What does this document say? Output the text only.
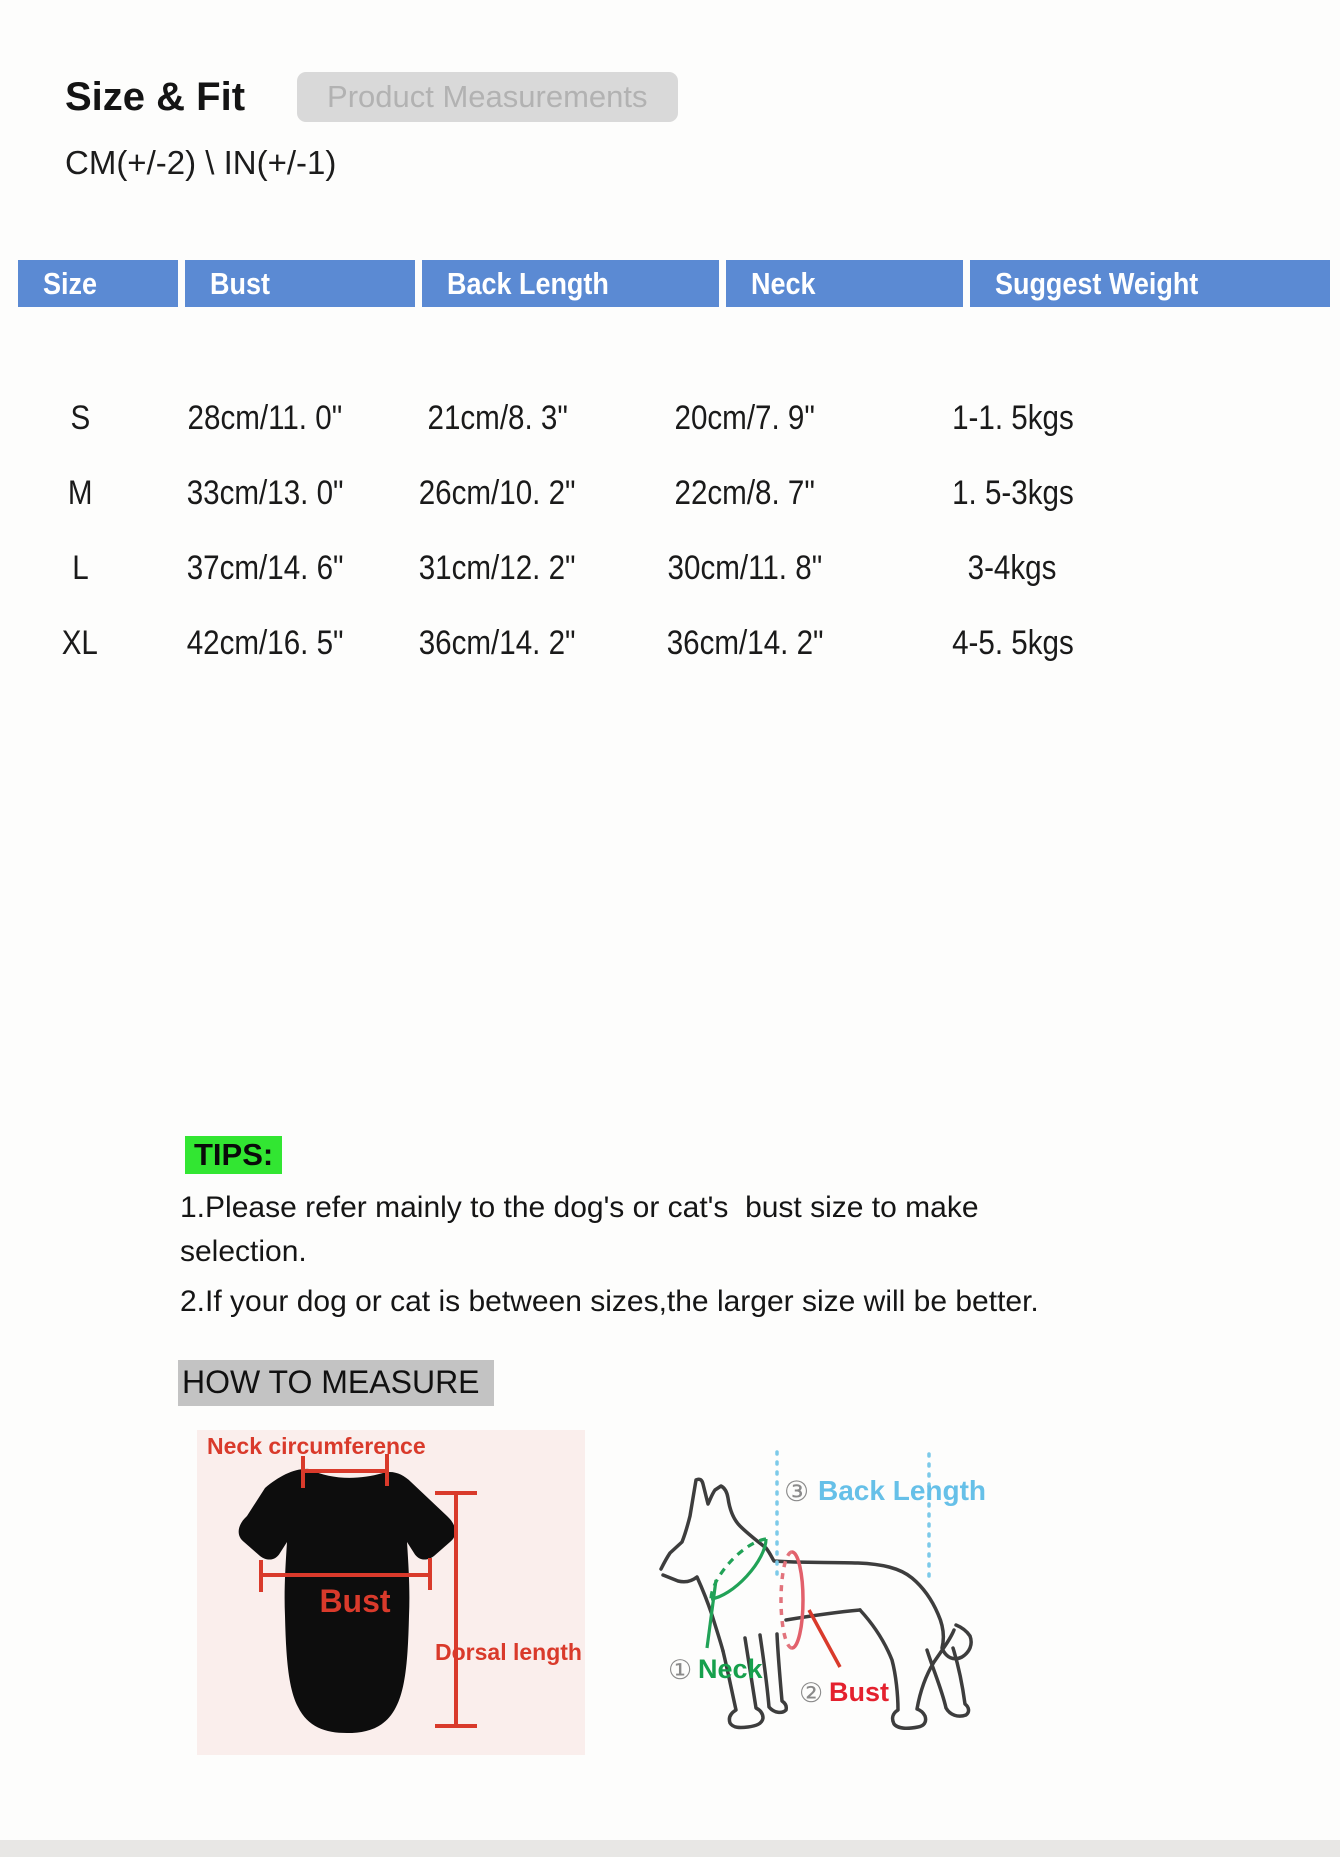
Size & Fit	Product Measurements
CM(+/-2) \ IN(+/-1)
Size	Bust	Back Length	Neck	Suggest Weight
S	28cm/11. 0"	21cm/8. 3"	20cm/7. 9"	1-1. 5kgs
M	33cm/13. 0"	26cm/10. 2"	22cm/8. 7"	1. 5-3kgs
L	37cm/14. 6"	31cm/12. 2"	30cm/11. 8"	3-4kgs
XL	42cm/16. 5"	36cm/14. 2"	36cm/14. 2"	4-5. 5kgs
TIPS:
1.Please refer mainly to the dog's or cat's  bust size to make selection.
2.If your dog or cat is between sizes,the larger size will be better.
HOW TO MEASURE
Neck circumference
Bust
Dorsal length
③ Back Length
① Neck
② Bust
